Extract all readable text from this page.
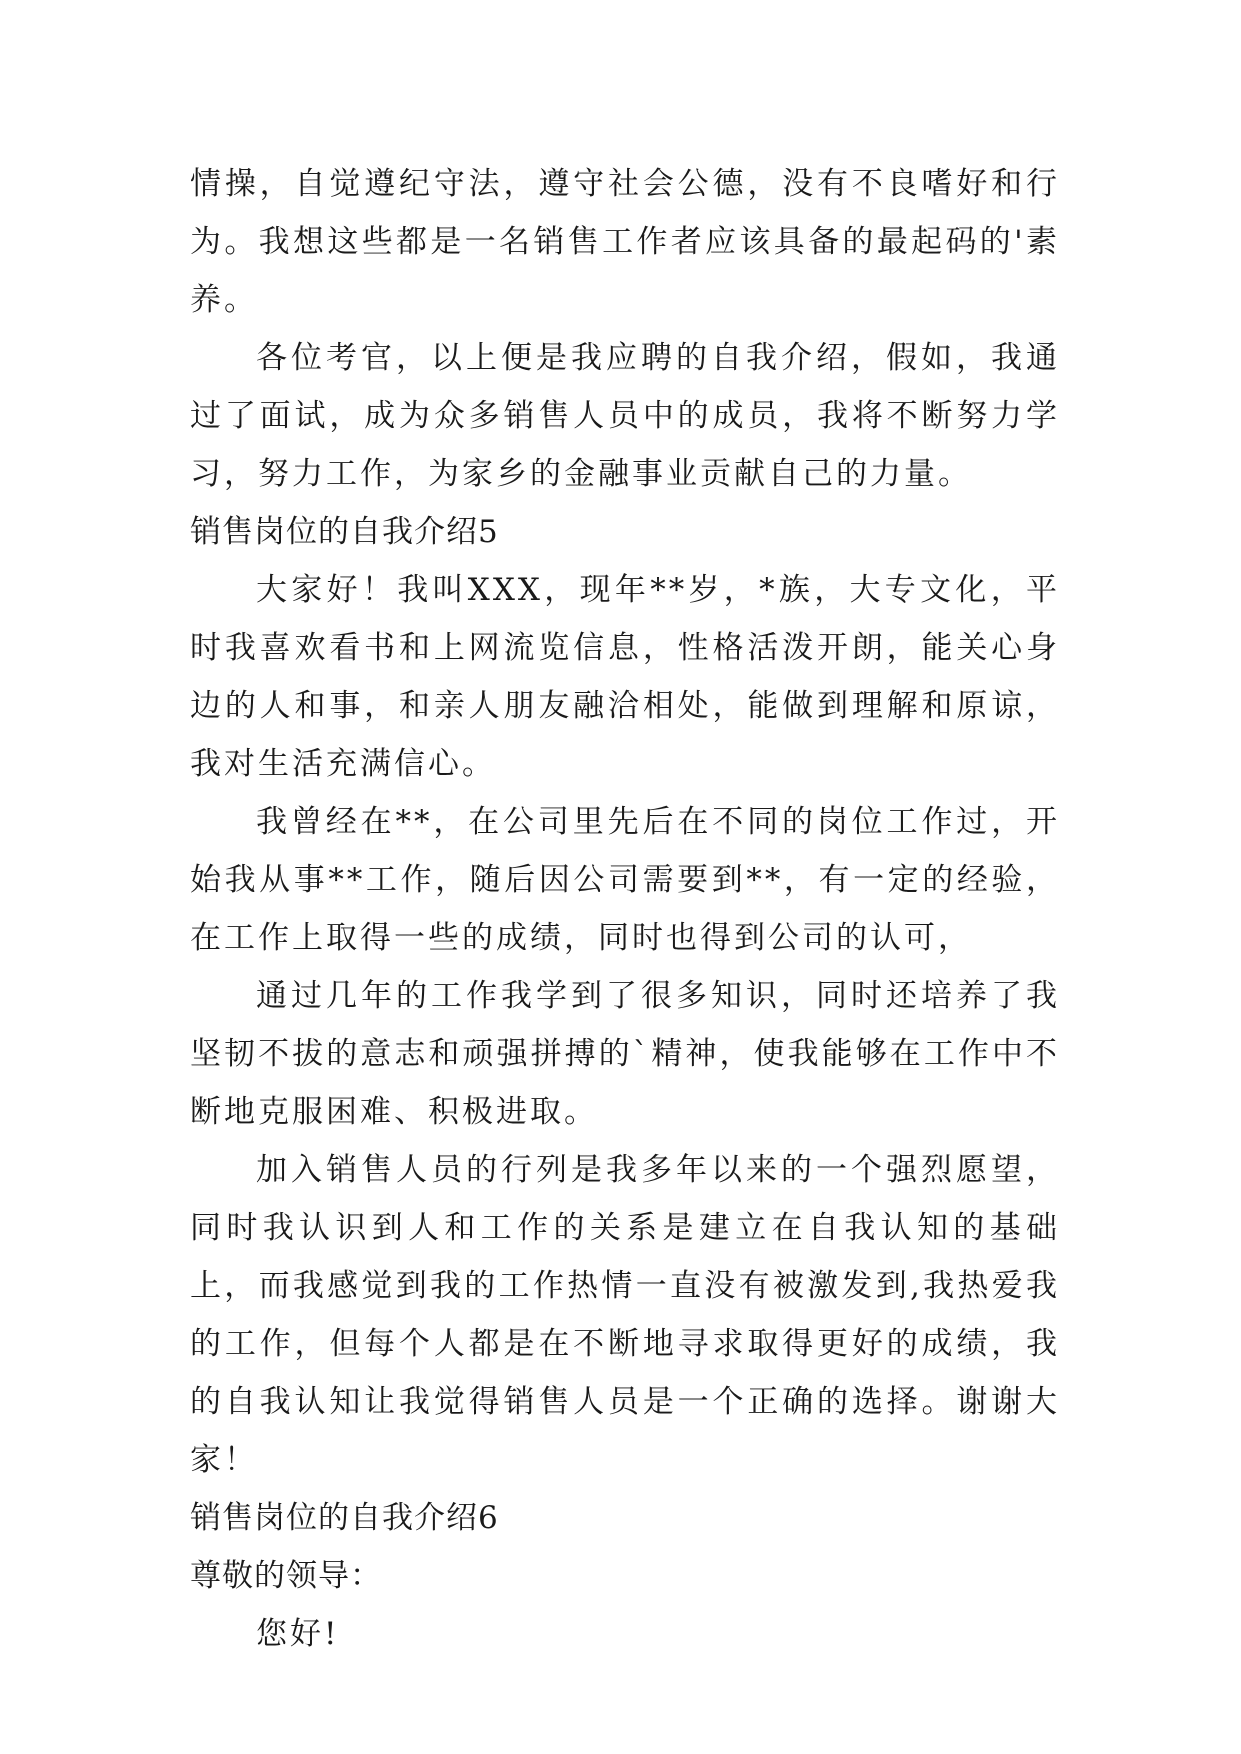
情操，自觉遵纪守法，遵守社会公德，没有不良嗜好和行为。我想这些都是一名销售工作者应该具备的最起码的'素养。

各位考官，以上便是我应聘的自我介绍，假如，我通过了面试，成为众多销售人员中的成员，我将不断努力学习，努力工作，为家乡的金融事业贡献自己的力量。

销售岗位的自我介绍5

大家好！我叫XXX，现年**岁，*族，大专文化，平时我喜欢看书和上网流览信息，性格活泼开朗，能关心身边的人和事，和亲人朋友融洽相处，能做到理解和原谅，我对生活充满信心。

我曾经在**，在公司里先后在不同的岗位工作过，开始我从事**工作，随后因公司需要到**，有一定的经验，在工作上取得一些的成绩，同时也得到公司的认可，

通过几年的工作我学到了很多知识，同时还培养了我坚韧不拔的意志和顽强拼搏的`精神，使我能够在工作中不断地克服困难、积极进取。

加入销售人员的行列是我多年以来的一个强烈愿望，同时我认识到人和工作的关系是建立在自我认知的基础上，而我感觉到我的工作热情一直没有被激发到,我热爱我的工作，但每个人都是在不断地寻求取得更好的成绩，我的自我认知让我觉得销售人员是一个正确的选择。谢谢大家！

销售岗位的自我介绍6

尊敬的领导：

您好!
